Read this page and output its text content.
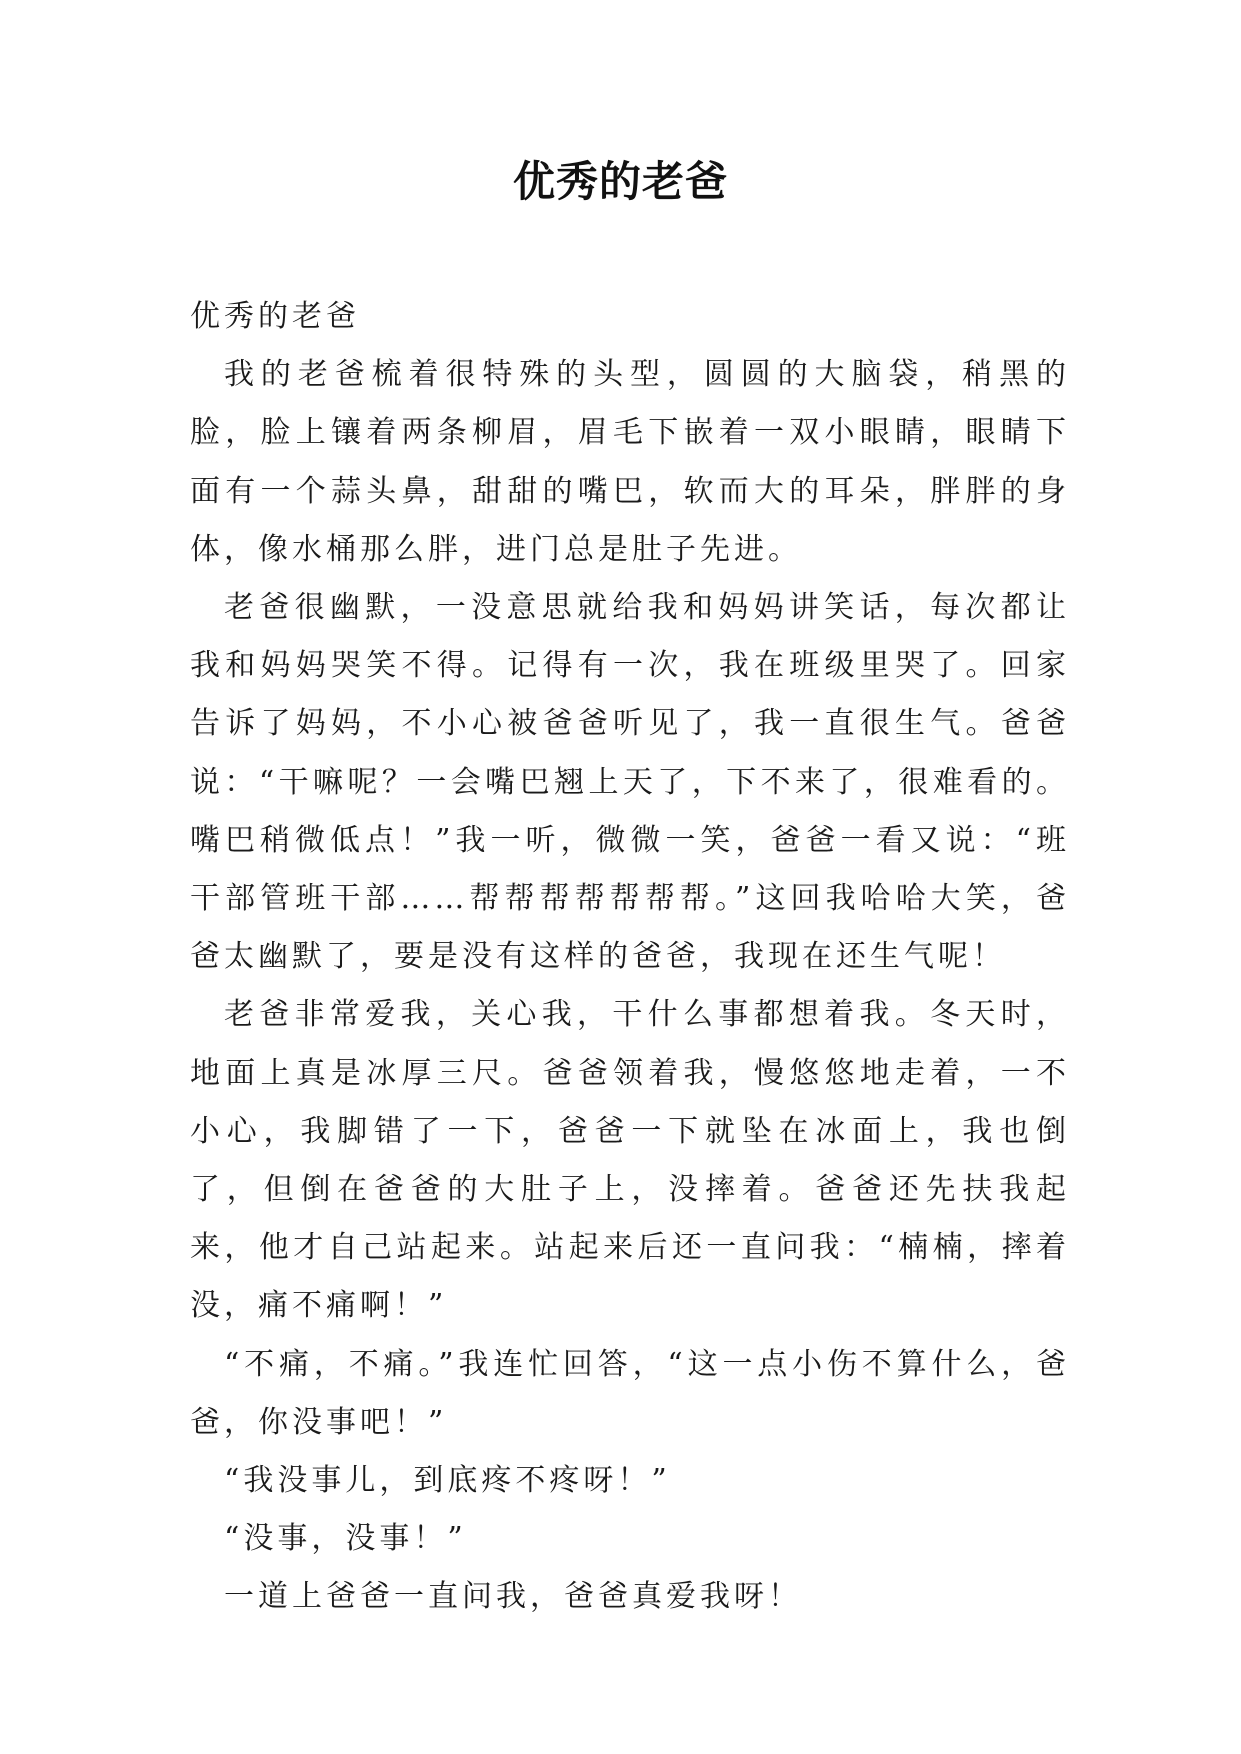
优秀的老爸

优秀的老爸

我的老爸梳着很特殊的头型，圆圆的大脑袋，稍黑的脸，脸上镶着两条柳眉，眉毛下嵌着一双小眼睛，眼睛下面有一个蒜头鼻，甜甜的嘴巴，软而大的耳朵，胖胖的身体，像水桶那么胖，进门总是肚子先进。

老爸很幽默，一没意思就给我和妈妈讲笑话，每次都让我和妈妈哭笑不得。记得有一次，我在班级里哭了。回家告诉了妈妈，不小心被爸爸听见了，我一直很生气。爸爸说：“干嘛呢？一会嘴巴翘上天了，下不来了，很难看的。嘴巴稍微低点！”我一听，微微一笑，爸爸一看又说：“班干部管班干部……帮帮帮帮帮帮帮。”这回我哈哈大笑，爸爸太幽默了，要是没有这样的爸爸，我现在还生气呢！

老爸非常爱我，关心我，干什么事都想着我。冬天时，地面上真是冰厚三尺。爸爸领着我，慢悠悠地走着，一不小心，我脚错了一下，爸爸一下就坠在冰面上，我也倒了，但倒在爸爸的大肚子上，没摔着。爸爸还先扶我起来，他才自己站起来。站起来后还一直问我：“楠楠，摔着没，痛不痛啊！”

“不痛，不痛。”我连忙回答，“这一点小伤不算什么，爸爸，你没事吧！”

“我没事儿，到底疼不疼呀！”

“没事，没事！”

一道上爸爸一直问我，爸爸真爱我呀！
